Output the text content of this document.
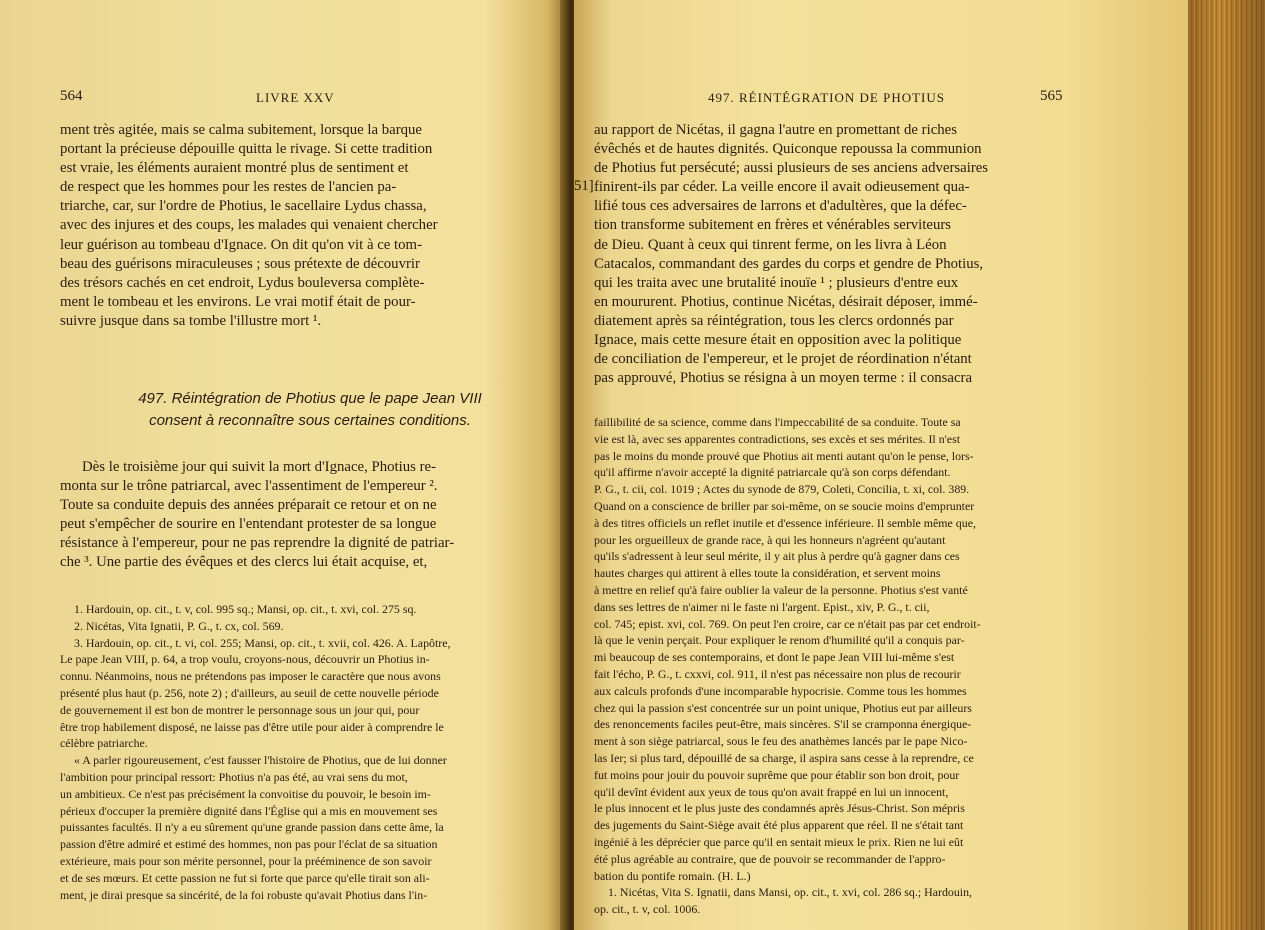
564	LIVRE XXV

ment très agitée, mais se calma subitement, lorsque la barque

portant la précieuse dépouille quitta le rivage. Si cette tradition

est vraie, les éléments auraient montré plus de sentiment et

de respect que les hommes pour les restes de l'ancien pa-

triarche, car, sur l'ordre de Photius, le sacellaire Lydus chassa,

avec des injures et des coups, les malades qui venaient chercher

leur guérison au tombeau d'Ignace. On dit qu'on vit à ce tom-

beau des guérisons miraculeuses ; sous prétexte de découvrir

des trésors cachés en cet endroit, Lydus bouleversa complète-

ment le tombeau et les environs. Le vrai motif était de pour-

suivre jusque dans sa tombe l'illustre mort ¹.

497. Réintégration de Photius que le pape Jean VIII
consent à reconnaître sous certaines conditions.

Dès le troisième jour qui suivit la mort d'Ignace, Photius re-

monta sur le trône patriarcal, avec l'assentiment de l'empereur ².

Toute sa conduite depuis des années préparait ce retour et on ne

peut s'empêcher de sourire en l'entendant protester de sa longue

résistance à l'empereur, pour ne pas reprendre la dignité de patriar-

che ³. Une partie des évêques et des clercs lui était acquise, et,

1. Hardouin, op. cit., t. v, col. 995 sq.; Mansi, op. cit., t. xvi, col. 275 sq.

2. Nicétas, Vita Ignatii, P. G., t. cx, col. 569.

3. Hardouin, op. cit., t. vi, col. 255; Mansi, op. cit., t. xvii, col. 426. A. Lapôtre,

Le pape Jean VIII, p. 64, a trop voulu, croyons-nous, découvrir un Photius in-

connu. Néanmoins, nous ne prétendons pas imposer le caractère que nous avons

présenté plus haut (p. 256, note 2) ; d'ailleurs, au seuil de cette nouvelle période

de gouvernement il est bon de montrer le personnage sous un jour qui, pour

être trop habilement disposé, ne laisse pas d'être utile pour aider à comprendre le

célèbre patriarche.

« A parler rigoureusement, c'est fausser l'histoire de Photius, que de lui donner

l'ambition pour principal ressort: Photius n'a pas été, au vrai sens du mot,

un ambitieux. Ce n'est pas précisément la convoitise du pouvoir, le besoin im-

périeux d'occuper la première dignité dans l'Église qui a mis en mouvement ses

puissantes facultés. Il n'y a eu sûrement qu'une grande passion dans cette âme, la

passion d'être admiré et estimé des hommes, non pas pour l'éclat de sa situation

extérieure, mais pour son mérite personnel, pour la prééminence de son savoir

et de ses mœurs. Et cette passion ne fut si forte que parce qu'elle tirait son ali-

ment, je dirai presque sa sincérité, de la foi robuste qu'avait Photius dans l'in-

497. RÉINTÉGRATION DE PHOTIUS	565
51]

au rapport de Nicétas, il gagna l'autre en promettant de riches

évêchés et de hautes dignités. Quiconque repoussa la communion

de Photius fut persécuté; aussi plusieurs de ses anciens adversaires

finirent-ils par céder. La veille encore il avait odieusement qua-

lifié tous ces adversaires de larrons et d'adultères, que la défec-

tion transforme subitement en frères et vénérables serviteurs

de Dieu. Quant à ceux qui tinrent ferme, on les livra à Léon

Catacalos, commandant des gardes du corps et gendre de Photius,

qui les traita avec une brutalité inouïe ¹ ; plusieurs d'entre eux

en moururent. Photius, continue Nicétas, désirait déposer, immé-

diatement après sa réintégration, tous les clercs ordonnés par

Ignace, mais cette mesure était en opposition avec la politique

de conciliation de l'empereur, et le projet de réordination n'étant

pas approuvé, Photius se résigna à un moyen terme : il consacra

faillibilité de sa science, comme dans l'impeccabilité de sa conduite. Toute sa

vie est là, avec ses apparentes contradictions, ses excès et ses mérites. Il n'est

pas le moins du monde prouvé que Photius ait menti autant qu'on le pense, lors-

qu'il affirme n'avoir accepté la dignité patriarcale qu'à son corps défendant.

P. G., t. cii, col. 1019 ; Actes du synode de 879, Coleti, Concilia, t. xi, col. 389.

Quand on a conscience de briller par soi-même, on se soucie moins d'emprunter

à des titres officiels un reflet inutile et d'essence inférieure. Il semble même que,

pour les orgueilleux de grande race, à qui les honneurs n'agréent qu'autant

qu'ils s'adressent à leur seul mérite, il y ait plus à perdre qu'à gagner dans ces

hautes charges qui attirent à elles toute la considération, et servent moins

à mettre en relief qu'à faire oublier la valeur de la personne. Photius s'est vanté

dans ses lettres de n'aimer ni le faste ni l'argent. Epist., xiv, P. G., t. cii,

col. 745; epist. xvi, col. 769. On peut l'en croire, car ce n'était pas par cet endroit-

là que le venin perçait. Pour expliquer le renom d'humilité qu'il a conquis par-

mi beaucoup de ses contemporains, et dont le pape Jean VIII lui-même s'est

fait l'écho, P. G., t. cxxvi, col. 911, il n'est pas nécessaire non plus de recourir

aux calculs profonds d'une incomparable hypocrisie. Comme tous les hommes

chez qui la passion s'est concentrée sur un point unique, Photius eut par ailleurs

des renoncements faciles peut-être, mais sincères. S'il se cramponna énergique-

ment à son siège patriarcal, sous le feu des anathèmes lancés par le pape Nico-

las Ier; si plus tard, dépouillé de sa charge, il aspira sans cesse à la reprendre, ce

fut moins pour jouir du pouvoir suprême que pour établir son bon droit, pour

qu'il devînt évident aux yeux de tous qu'on avait frappé en lui un innocent,

le plus innocent et le plus juste des condamnés après Jésus-Christ. Son mépris

des jugements du Saint-Siège avait été plus apparent que réel. Il ne s'était tant

ingénié à les déprécier que parce qu'il en sentait mieux le prix. Rien ne lui eût

été plus agréable au contraire, que de pouvoir se recommander de l'appro-

bation du pontife romain. (H. L.)

1. Nicétas, Vita S. Ignatii, dans Mansi, op. cit., t. xvi, col. 286 sq.; Hardouin,

op. cit., t. v, col. 1006.
